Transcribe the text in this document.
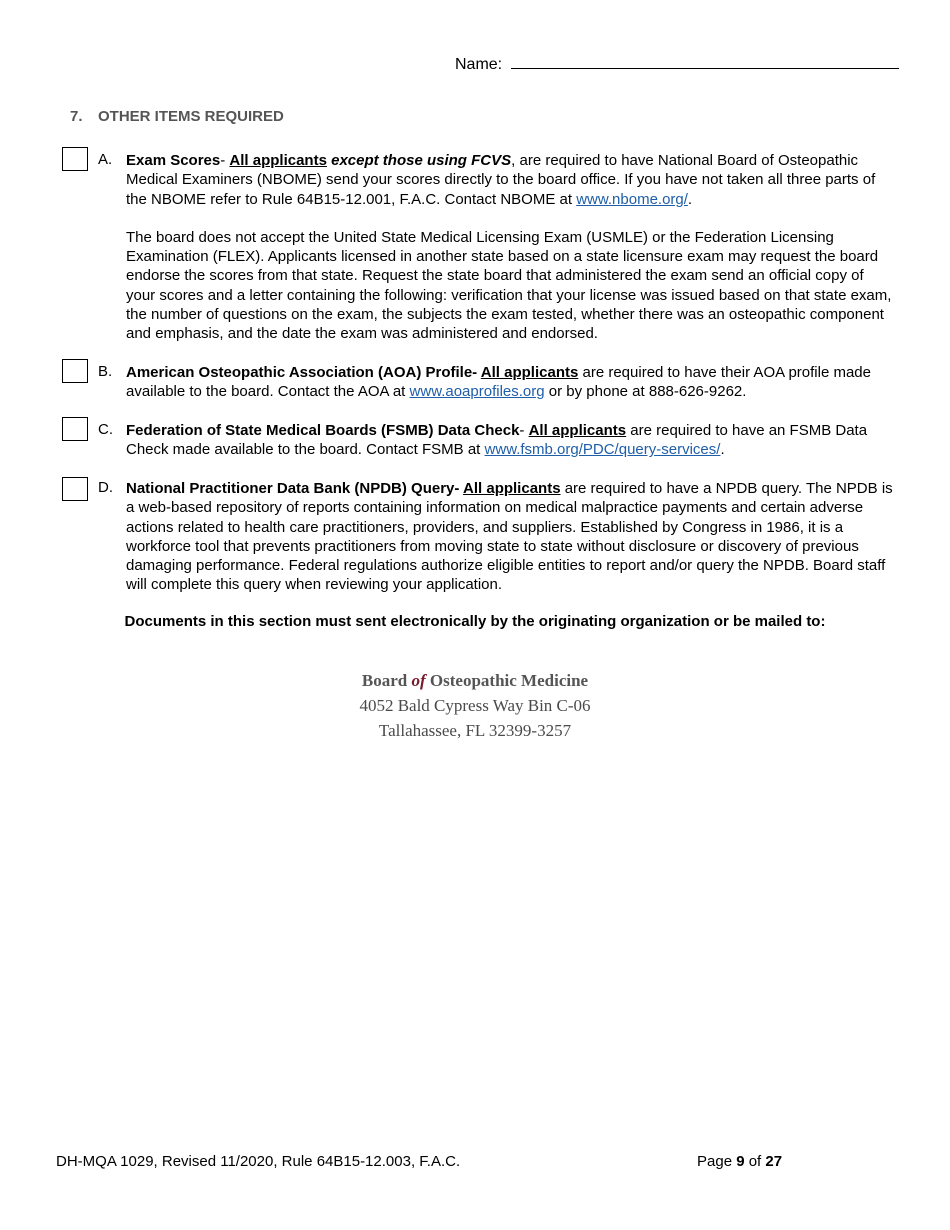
Name:
7. OTHER ITEMS REQUIRED
A. Exam Scores- All applicants except those using FCVS, are required to have National Board of Osteopathic Medical Examiners (NBOME) send your scores directly to the board office. If you have not taken all three parts of the NBOME refer to Rule 64B15-12.001, F.A.C. Contact NBOME at www.nbome.org/.

The board does not accept the United State Medical Licensing Exam (USMLE) or the Federation Licensing Examination (FLEX). Applicants licensed in another state based on a state licensure exam may request the board endorse the scores from that state. Request the state board that administered the exam send an official copy of your scores and a letter containing the following: verification that your license was issued based on that state exam, the number of questions on the exam, the subjects the exam tested, whether there was an osteopathic component and emphasis, and the date the exam was administered and endorsed.

B. American Osteopathic Association (AOA) Profile- All applicants are required to have their AOA profile made available to the board. Contact the AOA at www.aoaprofiles.org or by phone at 888-626-9262.

C. Federation of State Medical Boards (FSMB) Data Check- All applicants are required to have an FSMB Data Check made available to the board. Contact FSMB at www.fsmb.org/PDC/query-services/.

D. National Practitioner Data Bank (NPDB) Query- All applicants are required to have a NPDB query. The NPDB is a web-based repository of reports containing information on medical malpractice payments and certain adverse actions related to health care practitioners, providers, and suppliers. Established by Congress in 1986, it is a workforce tool that prevents practitioners from moving state to state without disclosure or discovery of previous damaging performance. Federal regulations authorize eligible entities to report and/or query the NPDB. Board staff will complete this query when reviewing your application.

Documents in this section must sent electronically by the originating organization or be mailed to:
Board of Osteopathic Medicine
4052 Bald Cypress Way Bin C-06
Tallahassee, FL 32399-3257
DH-MQA 1029, Revised 11/2020, Rule 64B15-12.003, F.A.C.	Page 9 of 27
